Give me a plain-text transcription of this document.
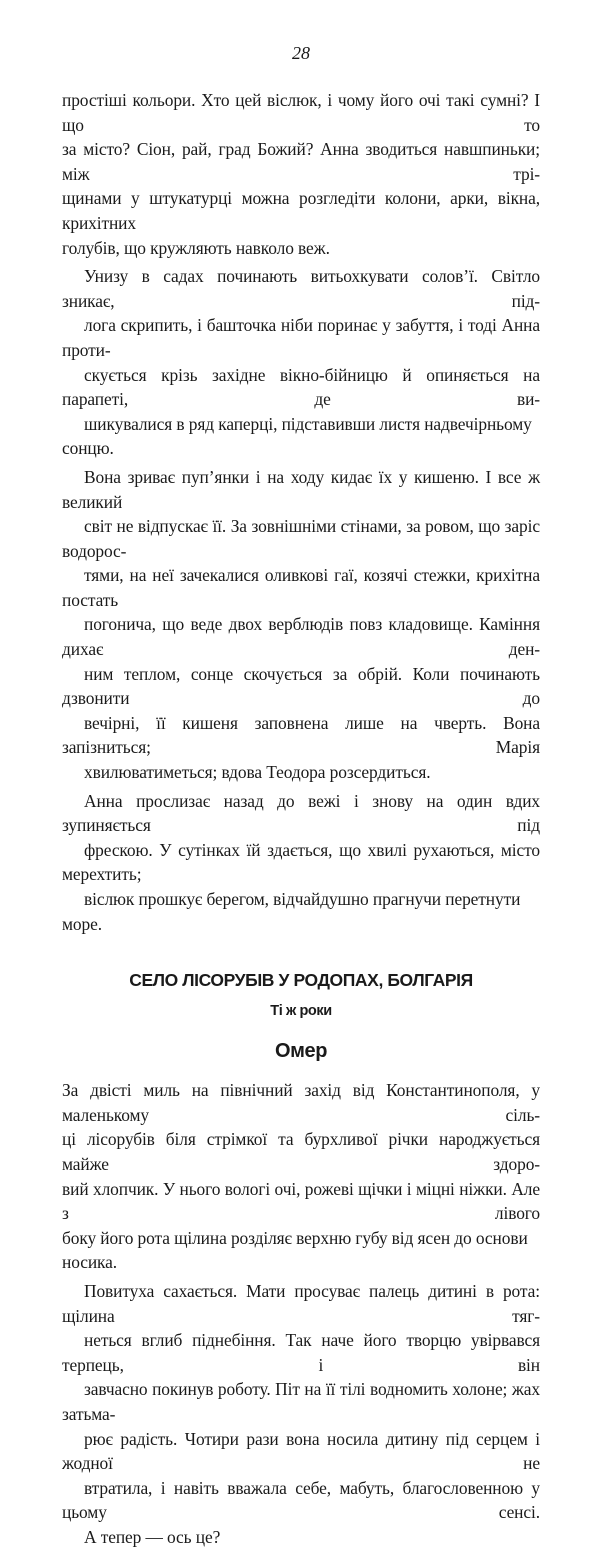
28

простіші кольори. Хто цей віслюк, і чому його очі такі сумні? І що то
за місто? Сіон, рай, град Божий? Анна зводиться навшпиньки; між трі-
щинами у штукатурці можна розгледіти колони, арки, вікна, крихітних
голубів, що кружляють навколо веж.

Унизу в садах починають витьохкувати солов’ї. Світло зникає, під-
лога скрипить, і башточка ніби поринає у забуття, і тоді Анна проти-
скується крізь західне вікно-бійницю й опиняється на парапеті, де ви-
шикувалися в ряд каперці, підставивши листя надвечірньому сонцю.

Вона зриває пуп’янки і на ходу кидає їх у кишеню. І все ж великий
світ не відпускає її. За зовнішніми стінами, за ровом, що заріс водорос-
тями, на неї зачекалися оливкові гаї, козячі стежки, крихітна постать
погонича, що веде двох верблюдів повз кладовище. Каміння дихає ден-
ним теплом, сонце скочується за обрій. Коли починають дзвонити до
вечірні, її кишеня заповнена лише на чверть. Вона запізниться; Марія
хвилюватиметься; вдова Теодора розсердиться.

Анна прослизає назад до вежі і знову на один вдих зупиняється під
фрескою. У сутінках їй здається, що хвилі рухаються, місто мерехтить;
віслюк прошкує берегом, відчайдушно прагнучи перетнути море.

СЕЛО ЛІСОРУБІВ У РОДОПАХ, БОЛГАРІЯ
Ті ж роки
Омер

За двісті миль на північний захід від Константинополя, у маленькому сіль-
ці лісорубів біля стрімкої та бурхливої річки народжується майже здоро-
вий хлопчик. У нього вологі очі, рожеві щічки і міцні ніжки. Але з лівого
боку його рота щілина розділяє верхню губу від ясен до основи носика.

Повитуха сахається. Мати просуває палець дитині в рота: щілина тяг-
неться вглиб піднебіння. Так наче його творцю увірвався терпець, і він
завчасно покинув роботу. Піт на її тілі водномить холоне; жах затьма-
рює радість. Чотири рази вона носила дитину під серцем і жодної не
втратила, і навіть вважала себе, мабуть, благословенною у цьому сенсі.
А тепер — ось це?
